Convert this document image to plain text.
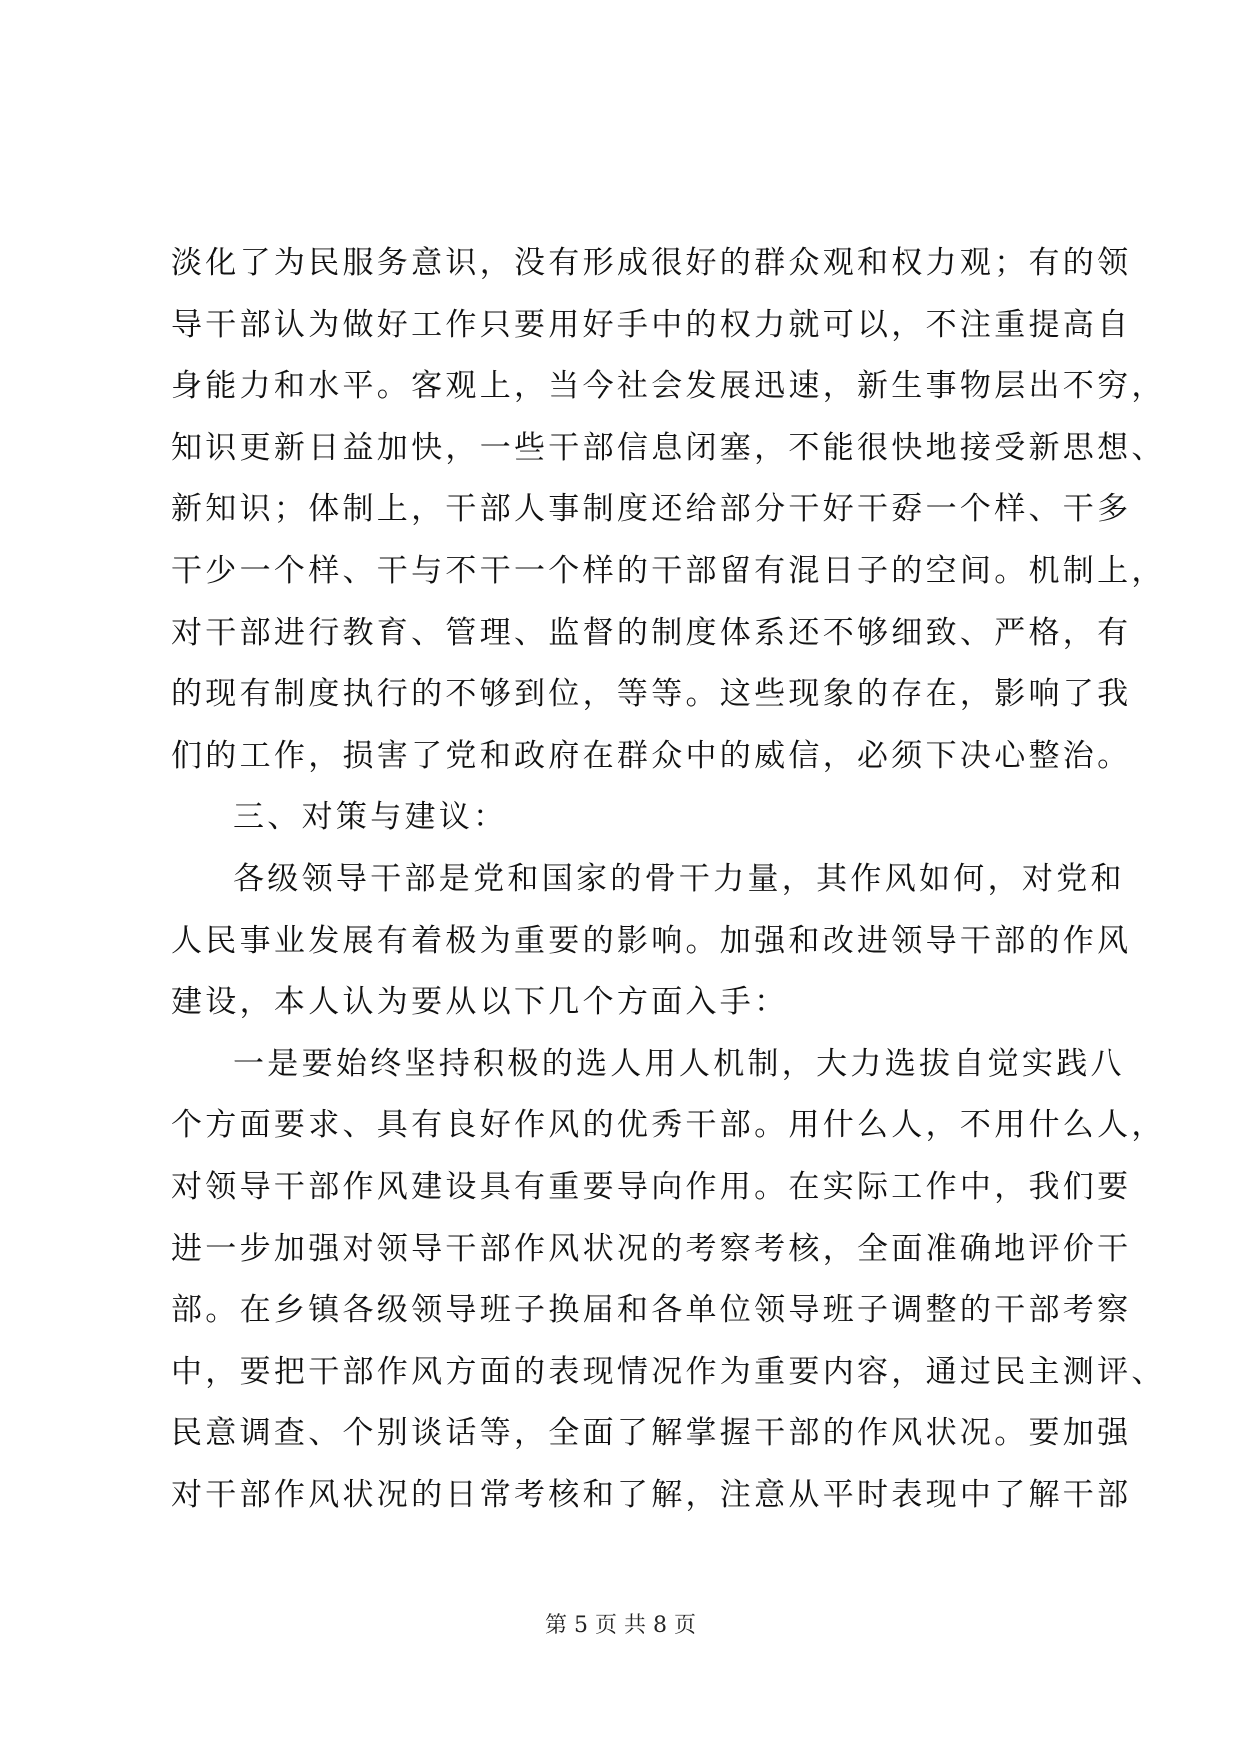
淡化了为民服务意识，没有形成很好的群众观和权力观；有的领
导干部认为做好工作只要用好手中的权力就可以，不注重提高自
身能力和水平。客观上，当今社会发展迅速，新生事物层出不穷，
知识更新日益加快，一些干部信息闭塞，不能很快地接受新思想、
新知识；体制上，干部人事制度还给部分干好干孬一个样、干多
干少一个样、干与不干一个样的干部留有混日子的空间。机制上，
对干部进行教育、管理、监督的制度体系还不够细致、严格，有
的现有制度执行的不够到位，等等。这些现象的存在，影响了我
们的工作，损害了党和政府在群众中的威信，必须下决心整治。
三、对策与建议：
各级领导干部是党和国家的骨干力量，其作风如何，对党和
人民事业发展有着极为重要的影响。加强和改进领导干部的作风
建设，本人认为要从以下几个方面入手：
一是要始终坚持积极的选人用人机制，大力选拔自觉实践八
个方面要求、具有良好作风的优秀干部。用什么人，不用什么人，
对领导干部作风建设具有重要导向作用。在实际工作中，我们要
进一步加强对领导干部作风状况的考察考核，全面准确地评价干
部。在乡镇各级领导班子换届和各单位领导班子调整的干部考察
中，要把干部作风方面的表现情况作为重要内容，通过民主测评、
民意调查、个别谈话等，全面了解掌握干部的作风状况。要加强
对干部作风状况的日常考核和了解，注意从平时表现中了解干部
第 5 页 共 8 页
